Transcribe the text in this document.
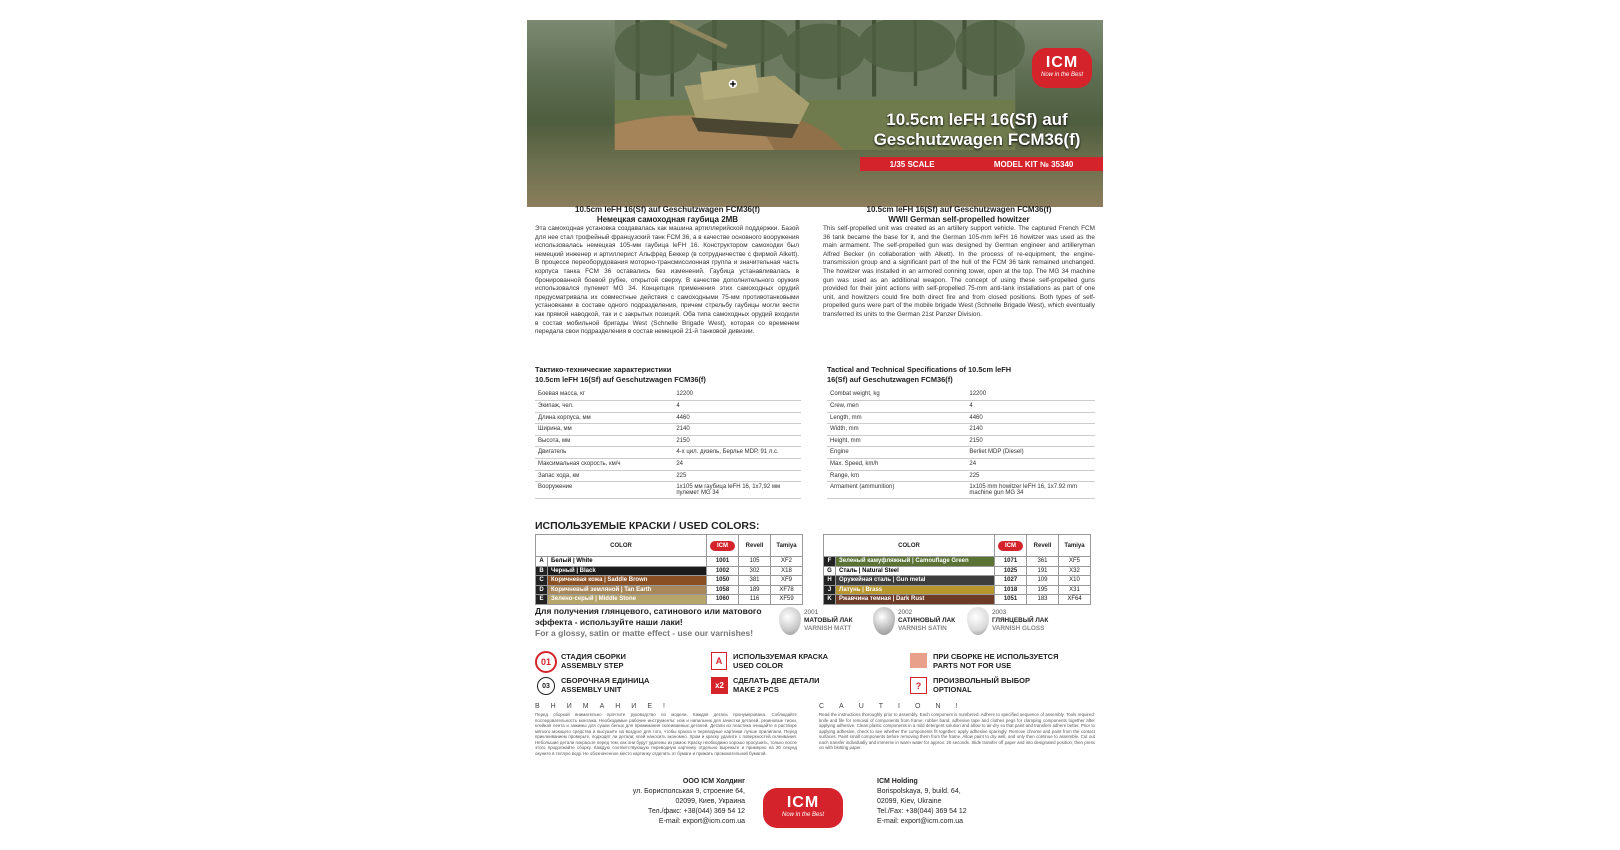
ICM
Now in the Best
10.5cm leFH 16(Sf) auf
Geschutzwagen FCM36(f)
1/35 SCALE	MODEL KIT № 35340
10.5cm leFH 16(Sf) auf Geschutzwagen FCM36(f)
Немецкая самоходная гаубица 2МВ
Эта самоходная установка создавалась как машина артиллерийской поддержки. Базой для нее стал трофейный французский танк FCM 36, а в качестве основного вооружения использовалась немецкая 105-мм гаубица leFH 16. Конструктором самоходки был немецкий инженер и артиллерист Альфред Беккер (в сотрудничестве с фирмой Alkett). В процессе переоборудования моторно-трансмиссионная группа и значительная часть корпуса танка FCM 36 оставались без изменений. Гаубица устанавливалась в бронированной боевой рубке, открытой сверху. В качестве дополнительного оружия использовался пулемет MG 34. Концепция применения этих самоходных орудий предусматривала их совместные действия с самоходными 75-мм противотанковыми установками в составе одного подразделения, причем стрельбу гаубицы могли вести как прямой наводкой, так и с закрытых позиций. Оба типа самоходных орудий входили в состав мобильной бригады West (Schnelle Brigade West), которая со временем передала свои подразделения в состав немецкой 21-й танковой дивизии.
10.5cm leFH 16(Sf) auf Geschutzwagen FCM36(f)
WWII German self-propelled howitzer
This self-propelled unit was created as an artillery support vehicle. The captured French FCM 36 tank became the base for it, and the German 105-mm leFH 16 howitzer was used as the main armament. The self-propelled gun was designed by German engineer and artilleryman Alfred Becker (in collaboration with Alkett). In the process of re-equipment, the engine-transmission group and a significant part of the hull of the FCM 36 tank remained unchanged. The howitzer was installed in an armored conning tower, open at the top. The MG 34 machine gun was used as an additional weapon. The concept of using these self-propelled guns provided for their joint actions with self-propelled 75-mm anti-tank installations as part of one unit, and howitzers could fire both direct fire and from closed positions. Both types of self-propelled guns were part of the mobile brigade West (Schnelle Brigade West), which eventually transferred its units to the German 21st Panzer Division.
Тактико-технические характеристики
10.5cm leFH 16(Sf) auf Geschutzwagen FCM36(f)
Боевая масса, кг	12200
Экипаж, чел.	4
Длина корпуса, мм	4460
Ширина, мм	2140
Высота, мм	2150
Двигатель	4-х цил. дизель, Берлье MDP, 91 л.с.
Максимальная скорость, км/ч	24
Запас хода, км	225
Вооружение	1x105 мм гаубица leFH 16, 1x7,92 мм пулемет MG 34
Tactical and Technical Specifications of 10.5cm leFH
16(Sf) auf Geschutzwagen FCM36(f)
Combat weight, kg	12200
Crew, men	4
Length, mm	4460
Width, mm	2140
Height, mm	2150
Engine	Berliet MDP (Diesel)
Max. Speed, km/h	24
Range, km	225
Armament (ammunition)	1x105 mm howitzer leFH 16, 1x7.92 mm machine gun MG 34
ИСПОЛЬЗУЕМЫЕ КРАСКИ / USED COLORS:
COLOR		ICM	Revell	Tamiya
A	Белый | White	1001	105	XF2
B	Черный | Black	1002	302	X18
C	Коричневая кожа | Saddle Brown	1050	381	XF9
D	Коричневый земляной | Tan Earth	1058	189	XF78
E	Зелено-серый | Middle Stone	1060	116	XF59
COLOR		ICM	Revell	Tamiya
F	Зеленый камуфляжный | Camouflage Green	1071	361	XF5
G	Сталь | Natural Steel	1025	191	X32
H	Оружейная сталь | Gun metal	1027	109	X10
J	Латунь | Brass	1018	195	X31
K	Ржавчина темная | Dark Rust	1051	183	XF64
Для получения глянцевого, сатинового или матового
эффекта - используйте наши лаки!
For a glossy, satin or matte effect - use our varnishes!
2001
МАТОВЫЙ ЛАК
VARNISH MATT
2002
САТИНОВЫЙ ЛАК
VARNISH SATIN
2003
ГЛЯНЦЕВЫЙ ЛАК
VARNISH GLOSS
01
СТАДИЯ СБОРКИ
ASSEMBLY STEP
03
СБОРОЧНАЯ ЕДИНИЦА
ASSEMBLY UNIT
A	ИСПОЛЬЗУЕМАЯ КРАСКА
USED COLOR
x2
СДЕЛАТЬ ДВЕ ДЕТАЛИ
MAKE 2 PCS
ПРИ СБОРКЕ НЕ ИСПОЛЬЗУЕТСЯ
PARTS NOT FOR USE
?	ПРОИЗВОЛЬНЫЙ ВЫБОР
OPTIONAL
ВНИМАНИЕ!
Перед сборкой внимательно прочтите руководство по модели. Каждая деталь пронумерована. Соблюдайте последовательность монтажа. Необходимые рабочие инструменты: нож и напильник для зачистки деталей, резиновые тиски, клейкая лента и зажимы для сушки белых для прижимания склеиваемых деталей. Детали из пластика очищайте в растворе мягкого моющего средства и высушите на воздухе для того, чтобы краска и переводные картинки лучше прилипали. Перед приклеиванием проверьте, подходят ли детали; клей наносить экономно. Хром и краску удалите с поверхностей склеивания. Небольшие детали покрасьте перед тем, как они будут удалены из рамок. Краску необходимо хорошо просушить, только после этого продолжайте сборку. Каждую соответствующую переводную картинку отдельно вырежьте и примерно на 20 секунд окуните в теплую воду. Не обозначенное место картинку отделить от бумаги и прижать промокательной бумагой.
CAUTION!
Read the instructions thoroughly prior to assembly. Each component is numbered. Adhere to specified sequence of assembly. Tools required: knife and file for removal of components from frame; rubber band, adhesive tape and clothes pegs for clamping components together after applying adhesive. Clean plastic components in a mild detergent solution and allow to air-dry so that paint and transfers adhere better. Prior to applying adhesive, check to see whether the components fit together; apply adhesive sparingly. Remove chrome and paint from the contact surfaces. Paint small components before removing them from the frame. Allow paint to dry well, and only then continue to assemble. Cut out each transfer individually and immerse in warm water for approx. 20 seconds. Slide transfer off paper and into designated position, then press on with blotting paper.
ООО ICM Холдинг
ул. Борисполськая 9, строение 64,
02099, Киев, Украина
Тел./факс: +38(044) 369 54 12
E-mail: export@icm.com.ua
ICM
Now in the Best
ICM Holding
Borispolskaya, 9, build. 64,
02099, Kiev, Ukraine
Tel./Fax: +38(044) 369 54 12
E-mail: export@icm.com.ua
